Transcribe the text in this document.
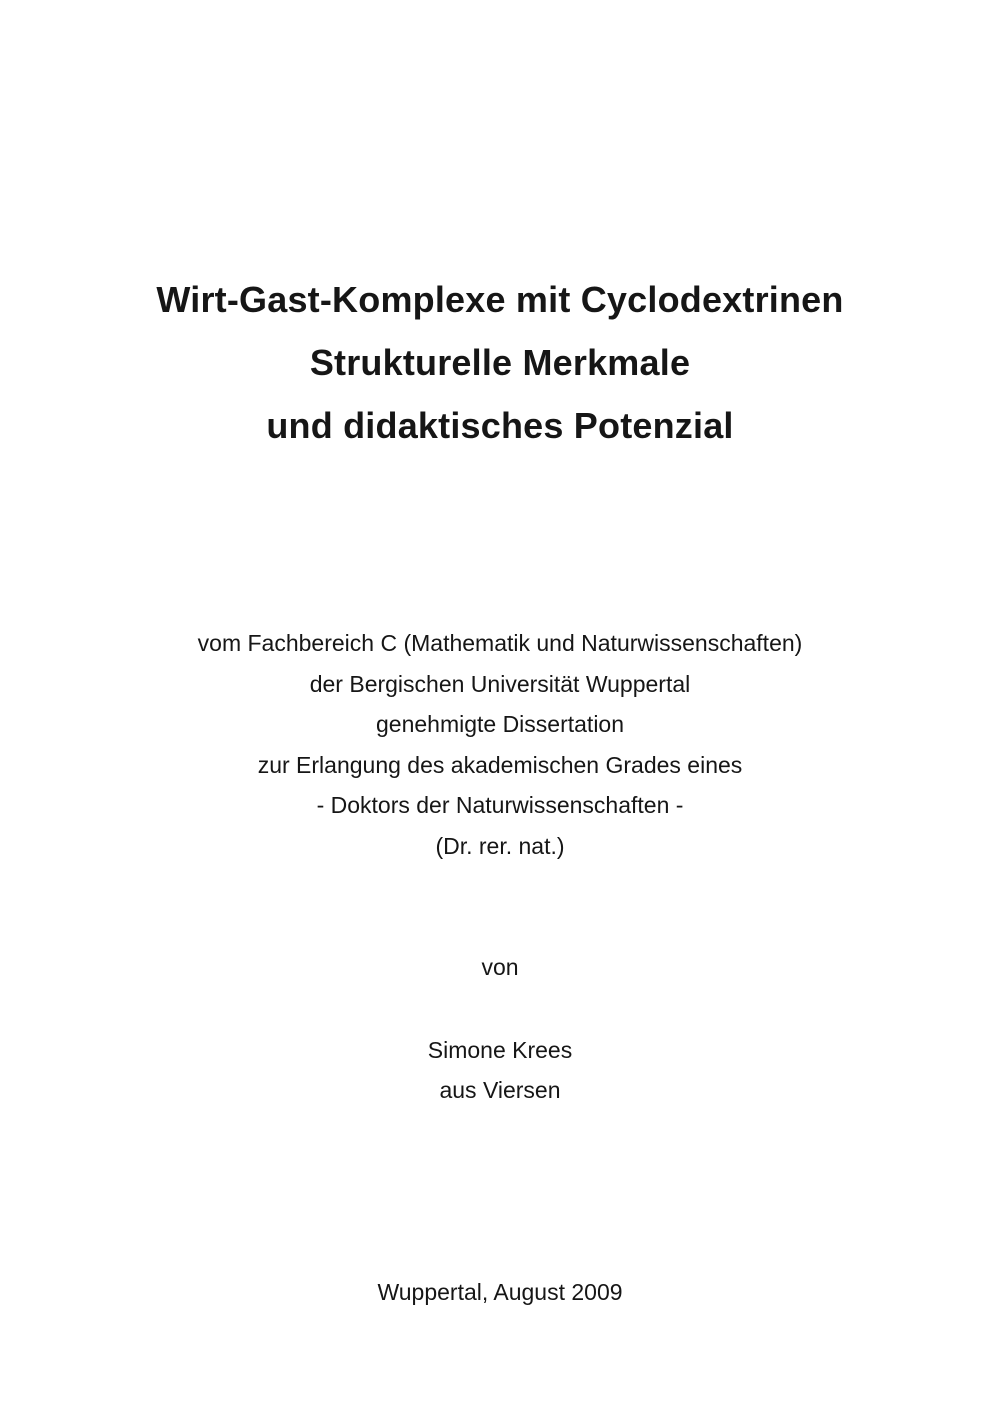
Wirt-Gast-Komplexe mit Cyclodextrinen
Strukturelle Merkmale
und didaktisches Potenzial
vom Fachbereich C (Mathematik und Naturwissenschaften)
der Bergischen Universität Wuppertal
genehmigte Dissertation
zur Erlangung des akademischen Grades eines
- Doktors der Naturwissenschaften -
(Dr. rer. nat.)
von
Simone Krees
aus Viersen
Wuppertal, August 2009
